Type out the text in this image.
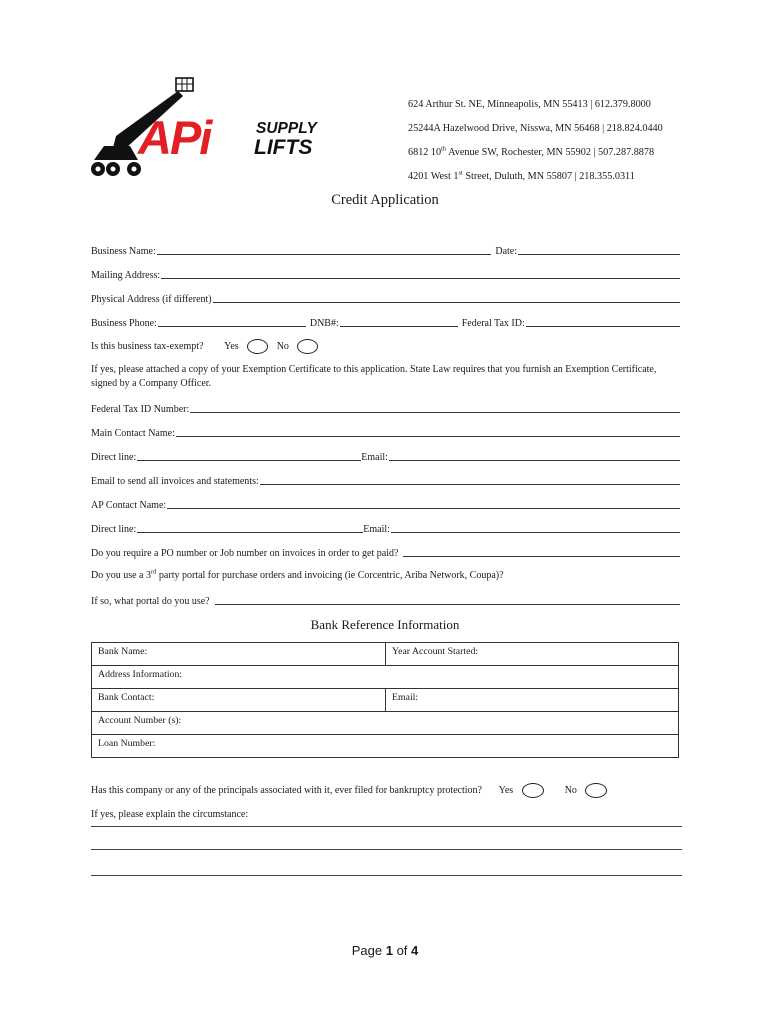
APi	SUPPLY
LIFTS
624 Arthur St. NE, Minneapolis, MN 55413 | 612.379.8000
25244A Hazelwood Drive, Nisswa, MN 56468 | 218.824.0440
6812 10th Avenue SW, Rochester, MN 55902 | 507.287.8878
4201 West 1st Street, Duluth, MN 55807 | 218.355.0311
Credit Application
Business Name:	Date:
Mailing Address:
Physical Address (if different)
Business Phone:	DNB#:	Federal Tax ID:
Is this business tax-exempt? Yes	No
If yes, please attached a copy of your Exemption Certificate to this application. State Law requires that you furnish an Exemption Certificate, signed by a Company Officer.
Federal Tax ID Number:
Main Contact Name:
Direct line:	Email:
Email to send all invoices and statements:
AP Contact Name:
Direct line:	Email:
Do you require a PO number or Job number on invoices in order to get paid?
Do you use a 3rd party portal for purchase orders and invoicing (ie Corcentric, Ariba Network, Coupa)?
If so, what portal do you use?
Bank Reference Information
Bank Name:	Year Account Started:
Address Information:	
Bank Contact:	Email:
Account Number (s):	
Loan Number:	
Has this company or any of the principals associated with it, ever filed for bankruptcy protection? Yes	No
If yes, please explain the circumstance:
Page 1 of 4
